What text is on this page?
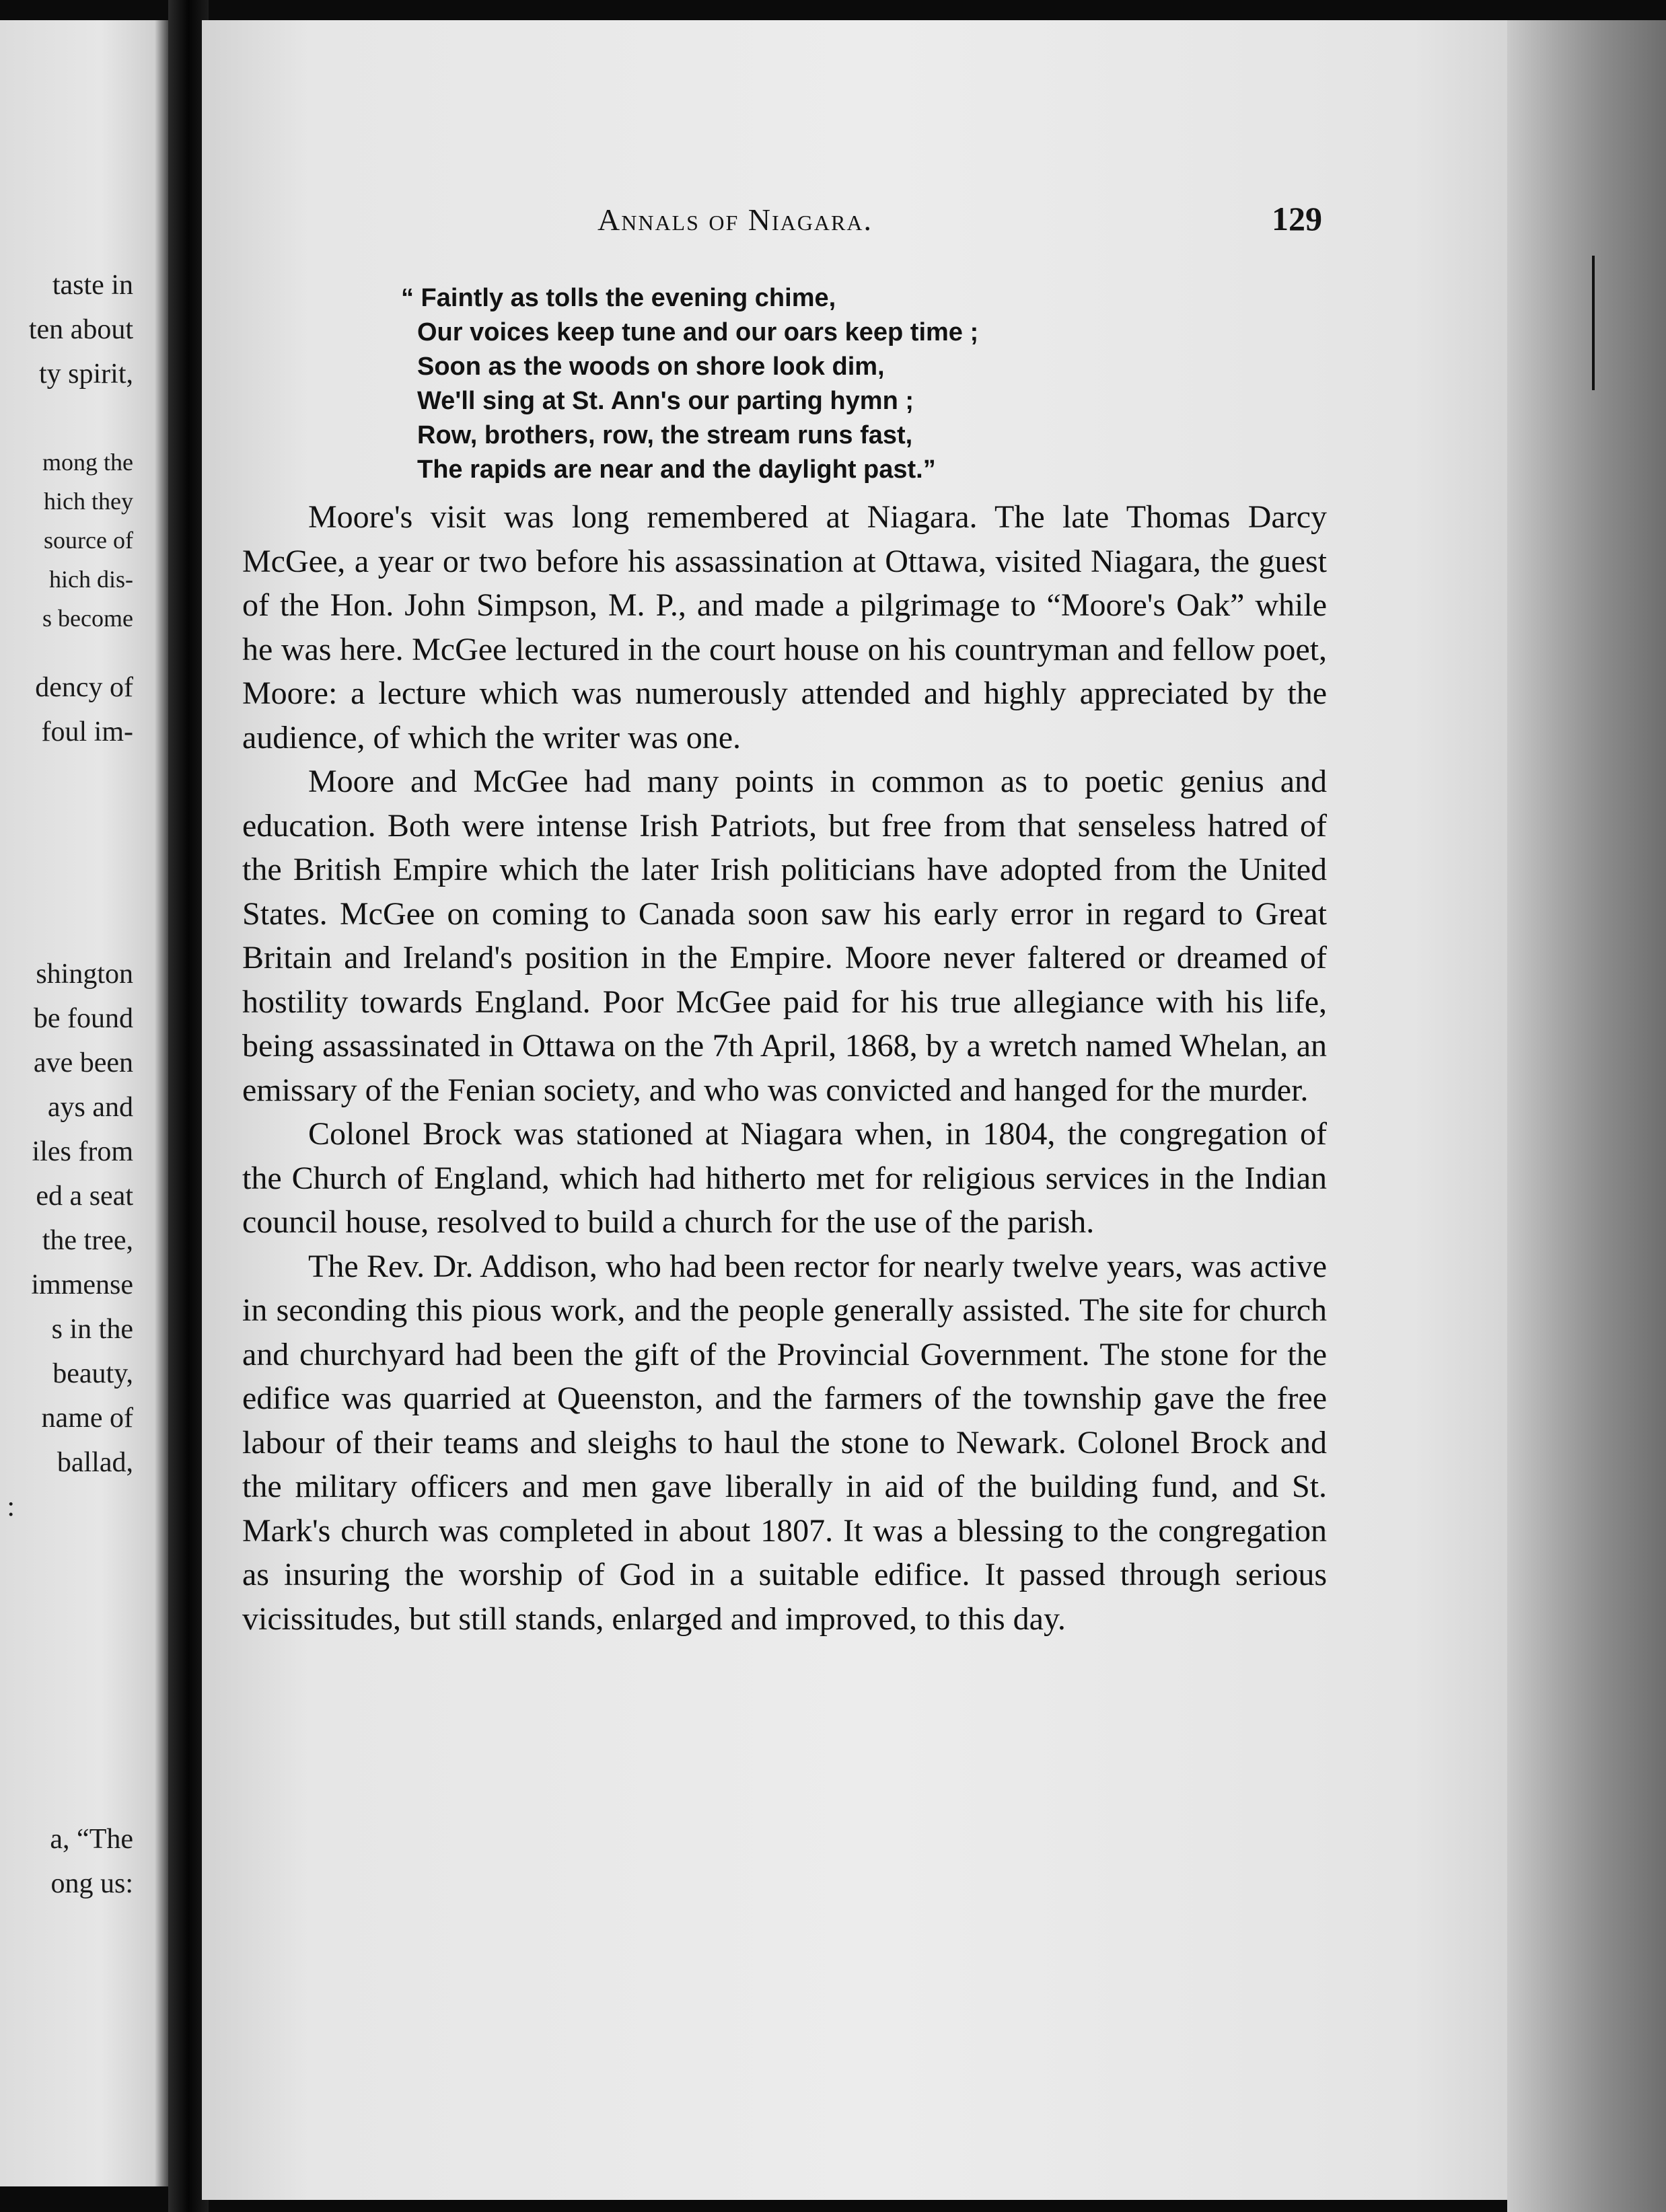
taste in
ten about
ty spirit,
mong the
hich they
source of
hich dis-
s become
dency of
foul im-
shington
be found
ave been
ays and
iles from
ed a seat
the tree,
immense
s in the
beauty,
name of
ballad,
:
a, “The
ong us:
Annals of Niagara.	129
“ Faintly as tolls the evening chime,
Our voices keep tune and our oars keep time ;
Soon as the woods on shore look dim,
We'll sing at St. Ann's our parting hymn ;
Row, brothers, row, the stream runs fast,
The rapids are near and the daylight past.”

Moore's visit was long remembered at Niagara. The late Thomas Darcy McGee, a year or two before his assassination at Ottawa, visited Niagara, the guest of the Hon. John Simpson, M. P., and made a pilgrimage to “Moore's Oak” while he was here. McGee lectured in the court house on his countryman and fellow poet, Moore: a lecture which was numerously attended and highly appreciated by the audience, of which the writer was one.

Moore and McGee had many points in common as to poetic genius and education. Both were intense Irish Patriots, but free from that senseless hatred of the British Empire which the later Irish politicians have adopted from the United States. McGee on coming to Canada soon saw his early error in regard to Great Britain and Ireland's position in the Empire. Moore never faltered or dreamed of hostility towards England. Poor McGee paid for his true allegiance with his life, being assassinated in Ottawa on the 7th April, 1868, by a wretch named Whelan, an emissary of the Fenian society, and who was convicted and hanged for the murder.

Colonel Brock was stationed at Niagara when, in 1804, the congregation of the Church of England, which had hitherto met for religious services in the Indian council house, resolved to build a church for the use of the parish.

The Rev. Dr. Addison, who had been rector for nearly twelve years, was active in seconding this pious work, and the people generally assisted. The site for church and churchyard had been the gift of the Provincial Government. The stone for the edifice was quarried at Queenston, and the farmers of the township gave the free labour of their teams and sleighs to haul the stone to Newark. Colonel Brock and the military officers and men gave liberally in aid of the building fund, and St. Mark's church was completed in about 1807. It was a blessing to the congregation as insuring the worship of God in a suitable edifice. It passed through serious vicissitudes, but still stands, enlarged and improved, to this day.
